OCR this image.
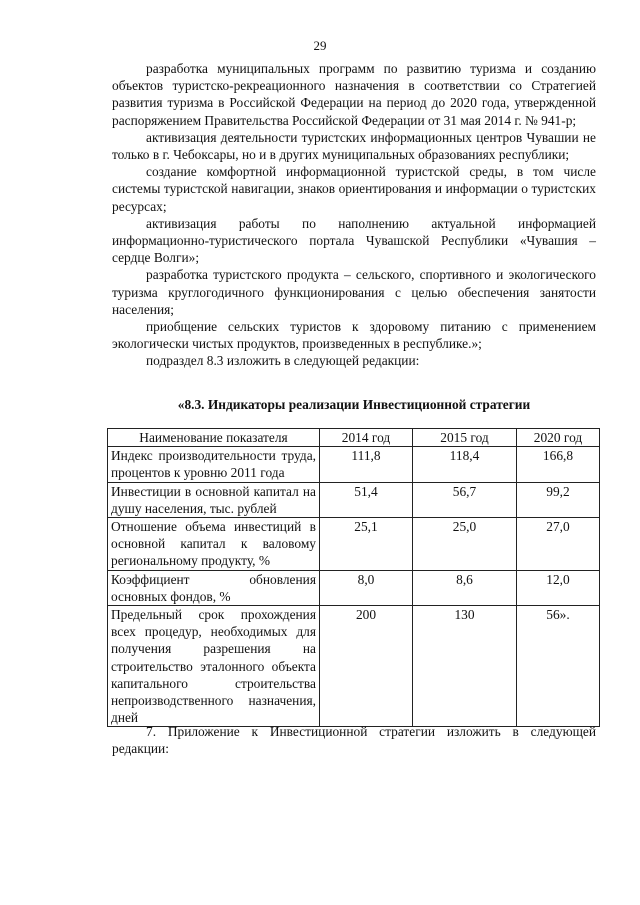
29

разработка муниципальных программ по развитию туризма и созданию объектов туристско-рекреационного назначения в соответствии со Стратегией развития туризма в Российской Федерации на период до 2020 года, утвержденной распоряжением Правительства Российской Федерации от 31 мая 2014 г. № 941-р;

активизация деятельности туристских информационных центров Чувашии не только в г. Чебоксары, но и в других муниципальных образованиях республики;

создание комфортной информационной туристской среды, в том числе системы туристской навигации, знаков ориентирования и информации о туристских ресурсах;

активизация работы по наполнению актуальной информацией информационно-туристического портала Чувашской Республики «Чувашия – сердце Волги»;

разработка туристского продукта – сельского, спортивного и экологического туризма круглогодичного функционирования с целью обеспечения занятости населения;

приобщение сельских туристов к здоровому питанию с применением экологически чистых продуктов, произведенных в республике.»;

подраздел 8.3 изложить в следующей редакции:

«8.3. Индикаторы реализации Инвестиционной стратегии
Наименование показателя	2014 год	2015 год	2020 год
Индекс производительности труда, процентов к уровню 2011 года	111,8	118,4	166,8
Инвестиции в основной капитал на душу населения, тыс. рублей	51,4	56,7	99,2
Отношение объема инвестиций в основной капитал к валовому региональному продукту, %	25,1	25,0	27,0
Коэффициент обновления основных фондов, %	8,0	8,6	12,0
Предельный срок прохождения всех процедур, необходимых для получения разрешения на строительство эталонного объекта капитального строительства непроизводственного назначения, дней	200	130	56».

7. Приложение к Инвестиционной стратегии изложить в следующей редакции:
